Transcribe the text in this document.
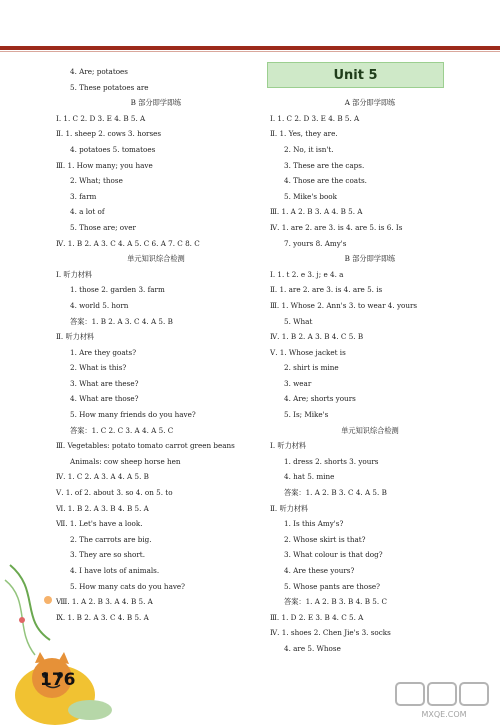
4. Are; potatoes
5. These potatoes are
B 部分即学即练
Ⅰ. 1. C 2. D 3. E 4. B 5. A
Ⅱ. 1. sheep 2. cows 3. horses
4. potatoes 5. tomatoes
Ⅲ. 1. How many; you have
2. What; those
3. farm
4. a lot of
5. Those are; over
Ⅳ. 1. B 2. A 3. C 4. A 5. C 6. A 7. C 8. C
单元知识综合检测
Ⅰ. 听力材料
1. those 2. garden 3. farm
4. world 5. horn
答案：1. B 2. A 3. C 4. A 5. B
Ⅱ. 听力材料
1. Are they goats?
2. What is this?
3. What are these?
4. What are those?
5. How many friends do you have?
答案：1. C 2. C 3. A 4. A 5. C
Ⅲ. Vegetables: potato tomato carrot green beans
Animals: cow sheep horse hen
Ⅳ. 1. C 2. A 3. A 4. A 5. B
Ⅴ. 1. of 2. about 3. so 4. on 5. to
Ⅵ. 1. B 2. A 3. B 4. B 5. A
Ⅶ. 1. Let's have a look.
2. The carrots are big.
3. They are so short.
4. I have lots of animals.
5. How many cats do you have?
Ⅷ. 1. A 2. B 3. A 4. B 5. A
Ⅸ. 1. B 2. A 3. C 4. B 5. A
Unit 5
A 部分即学即练
Ⅰ. 1. C 2. D 3. E 4. B 5. A
Ⅱ. 1. Yes, they are.
2. No, it isn't.
3. These are the caps.
4. Those are the coats.
5. Mike's book
Ⅲ. 1. A 2. B 3. A 4. B 5. A
Ⅳ. 1. are 2. are 3. is 4. are 5. is 6. Is
7. yours 8. Amy's
B 部分即学即练
Ⅰ. 1. t 2. e 3. j; e 4. a
Ⅱ. 1. are 2. are 3. is 4. are 5. is
Ⅲ. 1. Whose 2. Ann's 3. to wear 4. yours
5. What
Ⅳ. 1. B 2. A 3. B 4. C 5. B
Ⅴ. 1. Whose jacket is
2. shirt is mine
3. wear
4. Are; shorts yours
5. Is; Mike's
单元知识综合检测
Ⅰ. 听力材料
1. dress 2. shorts 3. yours
4. hat 5. mine
答案：1. A 2. B 3. C 4. A 5. B
Ⅱ. 听力材料
1. Is this Amy's?
2. Whose skirt is that?
3. What colour is that dog?
4. Are these yours?
5. Whose pants are those?
答案：1. A 2. B 3. B 4. B 5. C
Ⅲ. 1. D 2. E 3. B 4. C 5. A
Ⅳ. 1. shoes 2. Chen Jie's 3. socks
4. are 5. Whose
176
MXQE.COM
